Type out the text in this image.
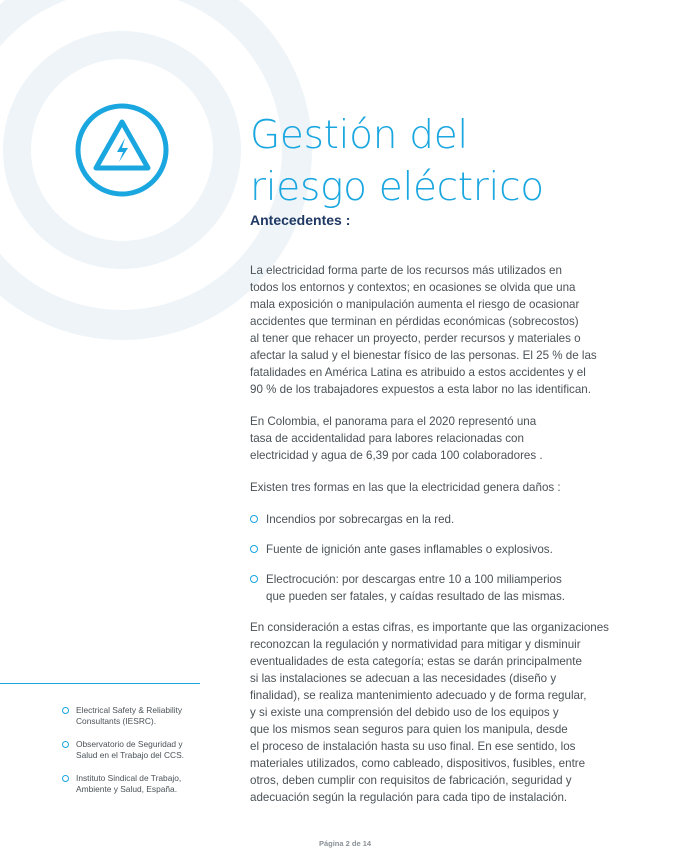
Gestión del
riesgo eléctrico
Antecedentes :

La electricidad forma parte de los recursos más utilizados en
todos los entornos y contextos; en ocasiones se olvida que una
mala exposición o manipulación aumenta el riesgo de ocasionar
accidentes que terminan en pérdidas económicas (sobrecostos)
al tener que rehacer un proyecto, perder recursos y materiales o
afectar la salud y el bienestar físico de las personas. El 25 % de las
fatalidades en América Latina es atribuido a estos accidentes y el
90 % de los trabajadores expuestos a esta labor no las identifican.

En Colombia, el panorama para el 2020 representó una
tasa de accidentalidad para labores relacionadas con
electricidad y agua de 6,39 por cada 100 colaboradores .

Existen tres formas en las que la electricidad genera daños :

Incendios por sobrecargas en la red.
Fuente de ignición ante gases inflamables o explosivos.
Electrocución: por descargas entre 10 a 100 miliamperios
que pueden ser fatales, y caídas resultado de las mismas.

En consideración a estas cifras, es importante que las organizaciones
reconozcan la regulación y normatividad para mitigar y disminuir
eventualidades de esta categoría; estas se darán principalmente
si las instalaciones se adecuan a las necesidades (diseño y
finalidad), se realiza mantenimiento adecuado y de forma regular,
y si existe una comprensión del debido uso de los equipos y
que los mismos sean seguros para quien los manipula, desde
el proceso de instalación hasta su uso final. En ese sentido, los
materiales utilizados, como cableado, dispositivos, fusibles, entre
otros, deben cumplir con requisitos de fabricación, seguridad y
adecuación según la regulación para cada tipo de instalación.

Electrical Safety & Reliability
Consultants (IESRC).
Observatorio de Seguridad y
Salud en el Trabajo del CCS.
Instituto Sindical de Trabajo,
Ambiente y Salud, España.
Página 2 de 14
